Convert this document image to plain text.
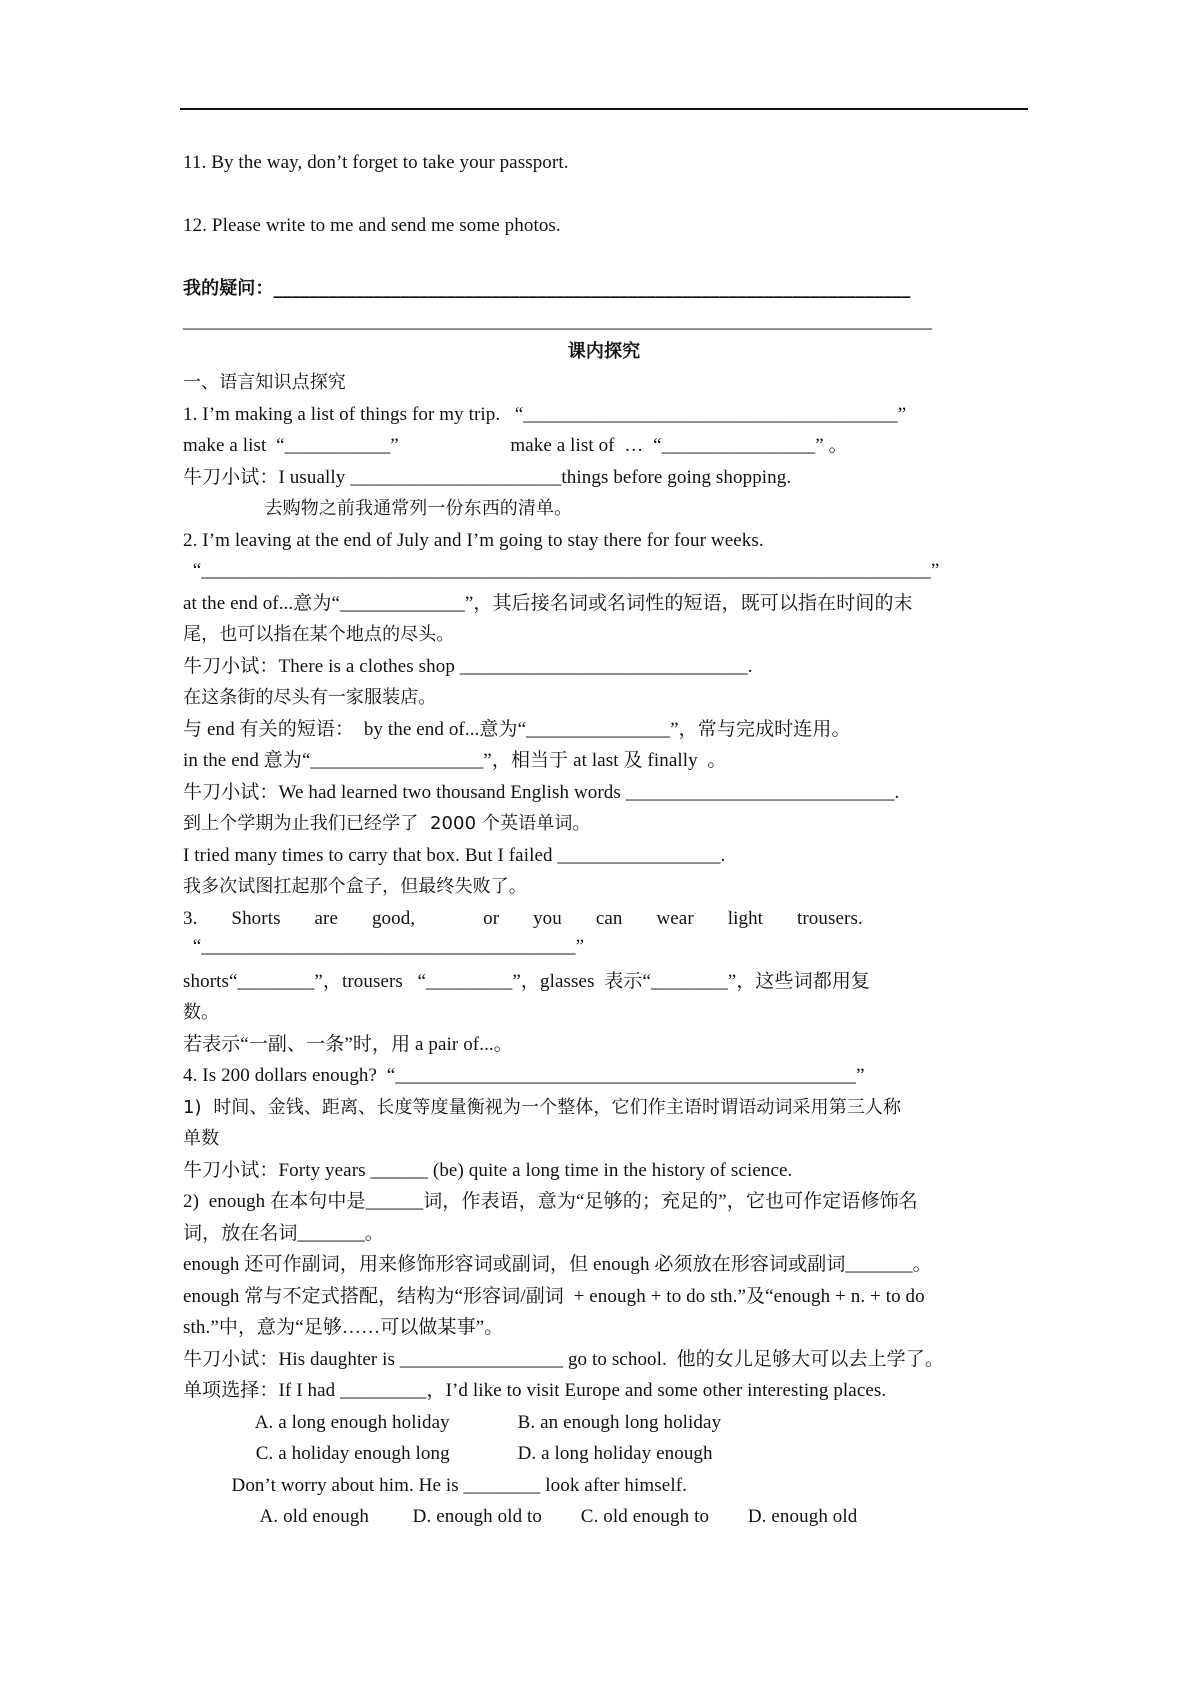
11. By the way, don’t forget to take your passport.
12. Please write to me and send me some photos.
我的疑问：______________________________________________________________________
______________________________________________________________________________
课内探究
一、语言知识点探究
1. I’m making a list of things for my trip.   “_______________________________________”
make a list  “___________”                       make a list of  …  “________________” 。
牛刀小试：I usually ______________________things before going shopping.
去购物之前我通常列一份东西的清单。
2. I’m leaving at the end of July and I’m going to stay there for four weeks.
“____________________________________________________________________________”
at the end of...意为“_____________”，其后接名词或名词性的短语，既可以指在时间的末
尾，也可以指在某个地点的尽头。
牛刀小试：There is a clothes shop ______________________________.
在这条街的尽头有一家服装店。
与 end 有关的短语：  by the end of...意为“_______________”，常与完成时连用。
in the end 意为“__________________”，相当于 at last 及 finally  。
牛刀小试：We had learned two thousand English words ____________________________.
到上个学期为止我们已经学了  2000 个英语单词。
I tried many times to carry that box. But I failed _________________.
我多次试图扛起那个盒子，但最终失败了。
3.       Shorts       are       good,              or       you       can       wear       light       trousers.
“_______________________________________”
shorts“________”，trousers   “_________”，glasses  表示“________”，这些词都用复
数。
若表示“一副、一条”时，用 a pair of...。
4. Is 200 dollars enough?  “________________________________________________”
1)  时间、金钱、距离、长度等度量衡视为一个整体，它们作主语时谓语动词采用第三人称
单数
牛刀小试：Forty years ______ (be) quite a long time in the history of science.
2)  enough 在本句中是______词，作表语，意为“足够的；充足的”，它也可作定语修饰名
词，放在名词_______。
enough 还可作副词，用来修饰形容词或副词，但 enough 必须放在形容词或副词_______。
enough 常与不定式搭配，结构为“形容词/副词  + enough + to do sth.”及“enough + n. + to do
sth.”中，意为“足够……可以做某事”。
牛刀小试：His daughter is _________________ go to school.  他的女儿足够大可以去上学了。
单项选择：If I had _________，I’d like to visit Europe and some other interesting places.
A. a long enough holiday              B. an enough long holiday
C. a holiday enough long              D. a long holiday enough
Don’t worry about him. He is ________ look after himself.
A. old enough         D. enough old to        C. old enough to        D. enough old
